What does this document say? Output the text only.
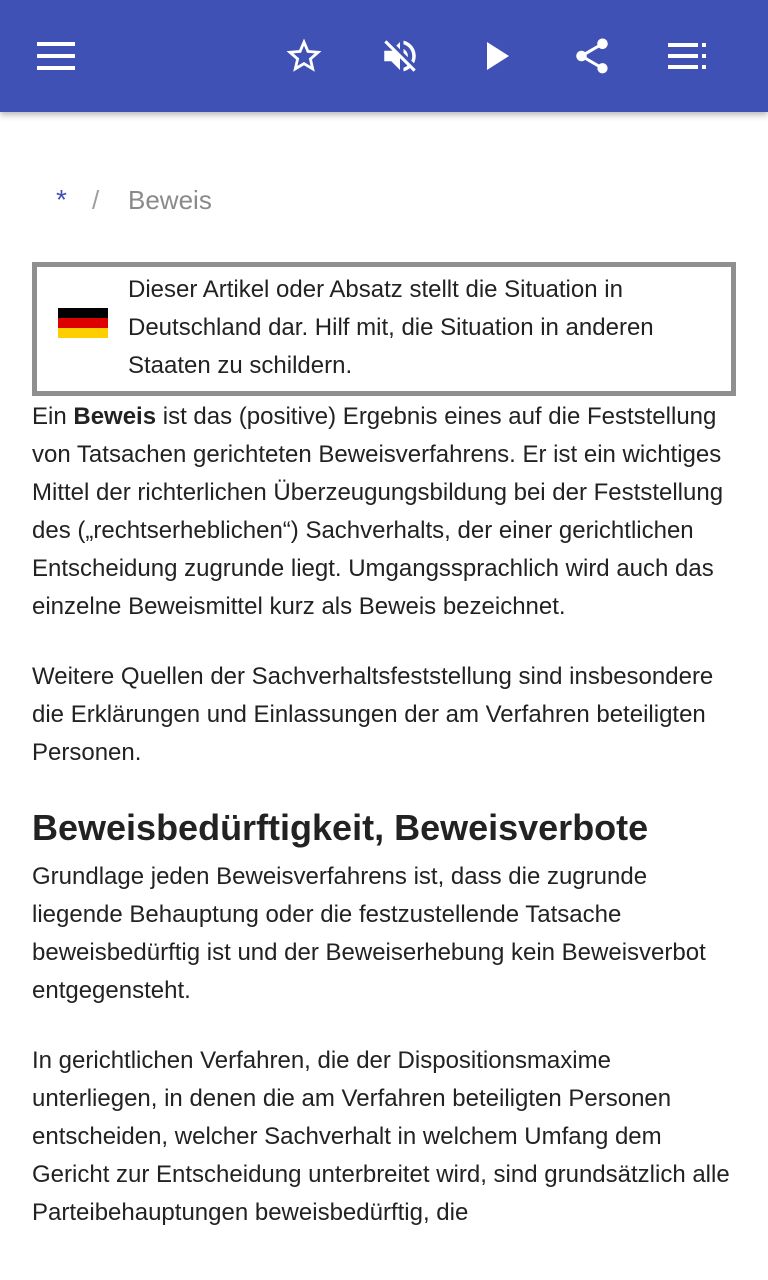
* / Beweis
Dieser Artikel oder Absatz stellt die Situation in Deutschland dar. Hilf mit, die Situation in anderen Staaten zu schildern.

Ein Beweis ist das (positive) Ergebnis eines auf die Feststellung von Tatsachen gerichteten Beweisverfahrens. Er ist ein wichtiges Mittel der richterlichen Überzeugungsbildung bei der Feststellung des („rechtserheblichen“) Sachverhalts, der einer gerichtlichen Entscheidung zugrunde liegt. Umgangssprachlich wird auch das einzelne Beweismittel kurz als Beweis bezeichnet.

Weitere Quellen der Sachverhaltsfeststellung sind insbesondere die Erklärungen und Einlassungen der am Verfahren beteiligten Personen.

Beweisbedürftigkeit, Beweisverbote

Grundlage jeden Beweisverfahrens ist, dass die zugrunde liegende Behauptung oder die festzustellende Tatsache beweisbedürftig ist und der Beweiserhebung kein Beweisverbot entgegensteht.

In gerichtlichen Verfahren, die der Dispositionsmaxime unterliegen, in denen die am Verfahren beteiligten Personen entscheiden, welcher Sachverhalt in welchem Umfang dem Gericht zur Entscheidung unterbreitet wird, sind grundsätzlich alle Parteibehauptungen beweisbedürftig, die
